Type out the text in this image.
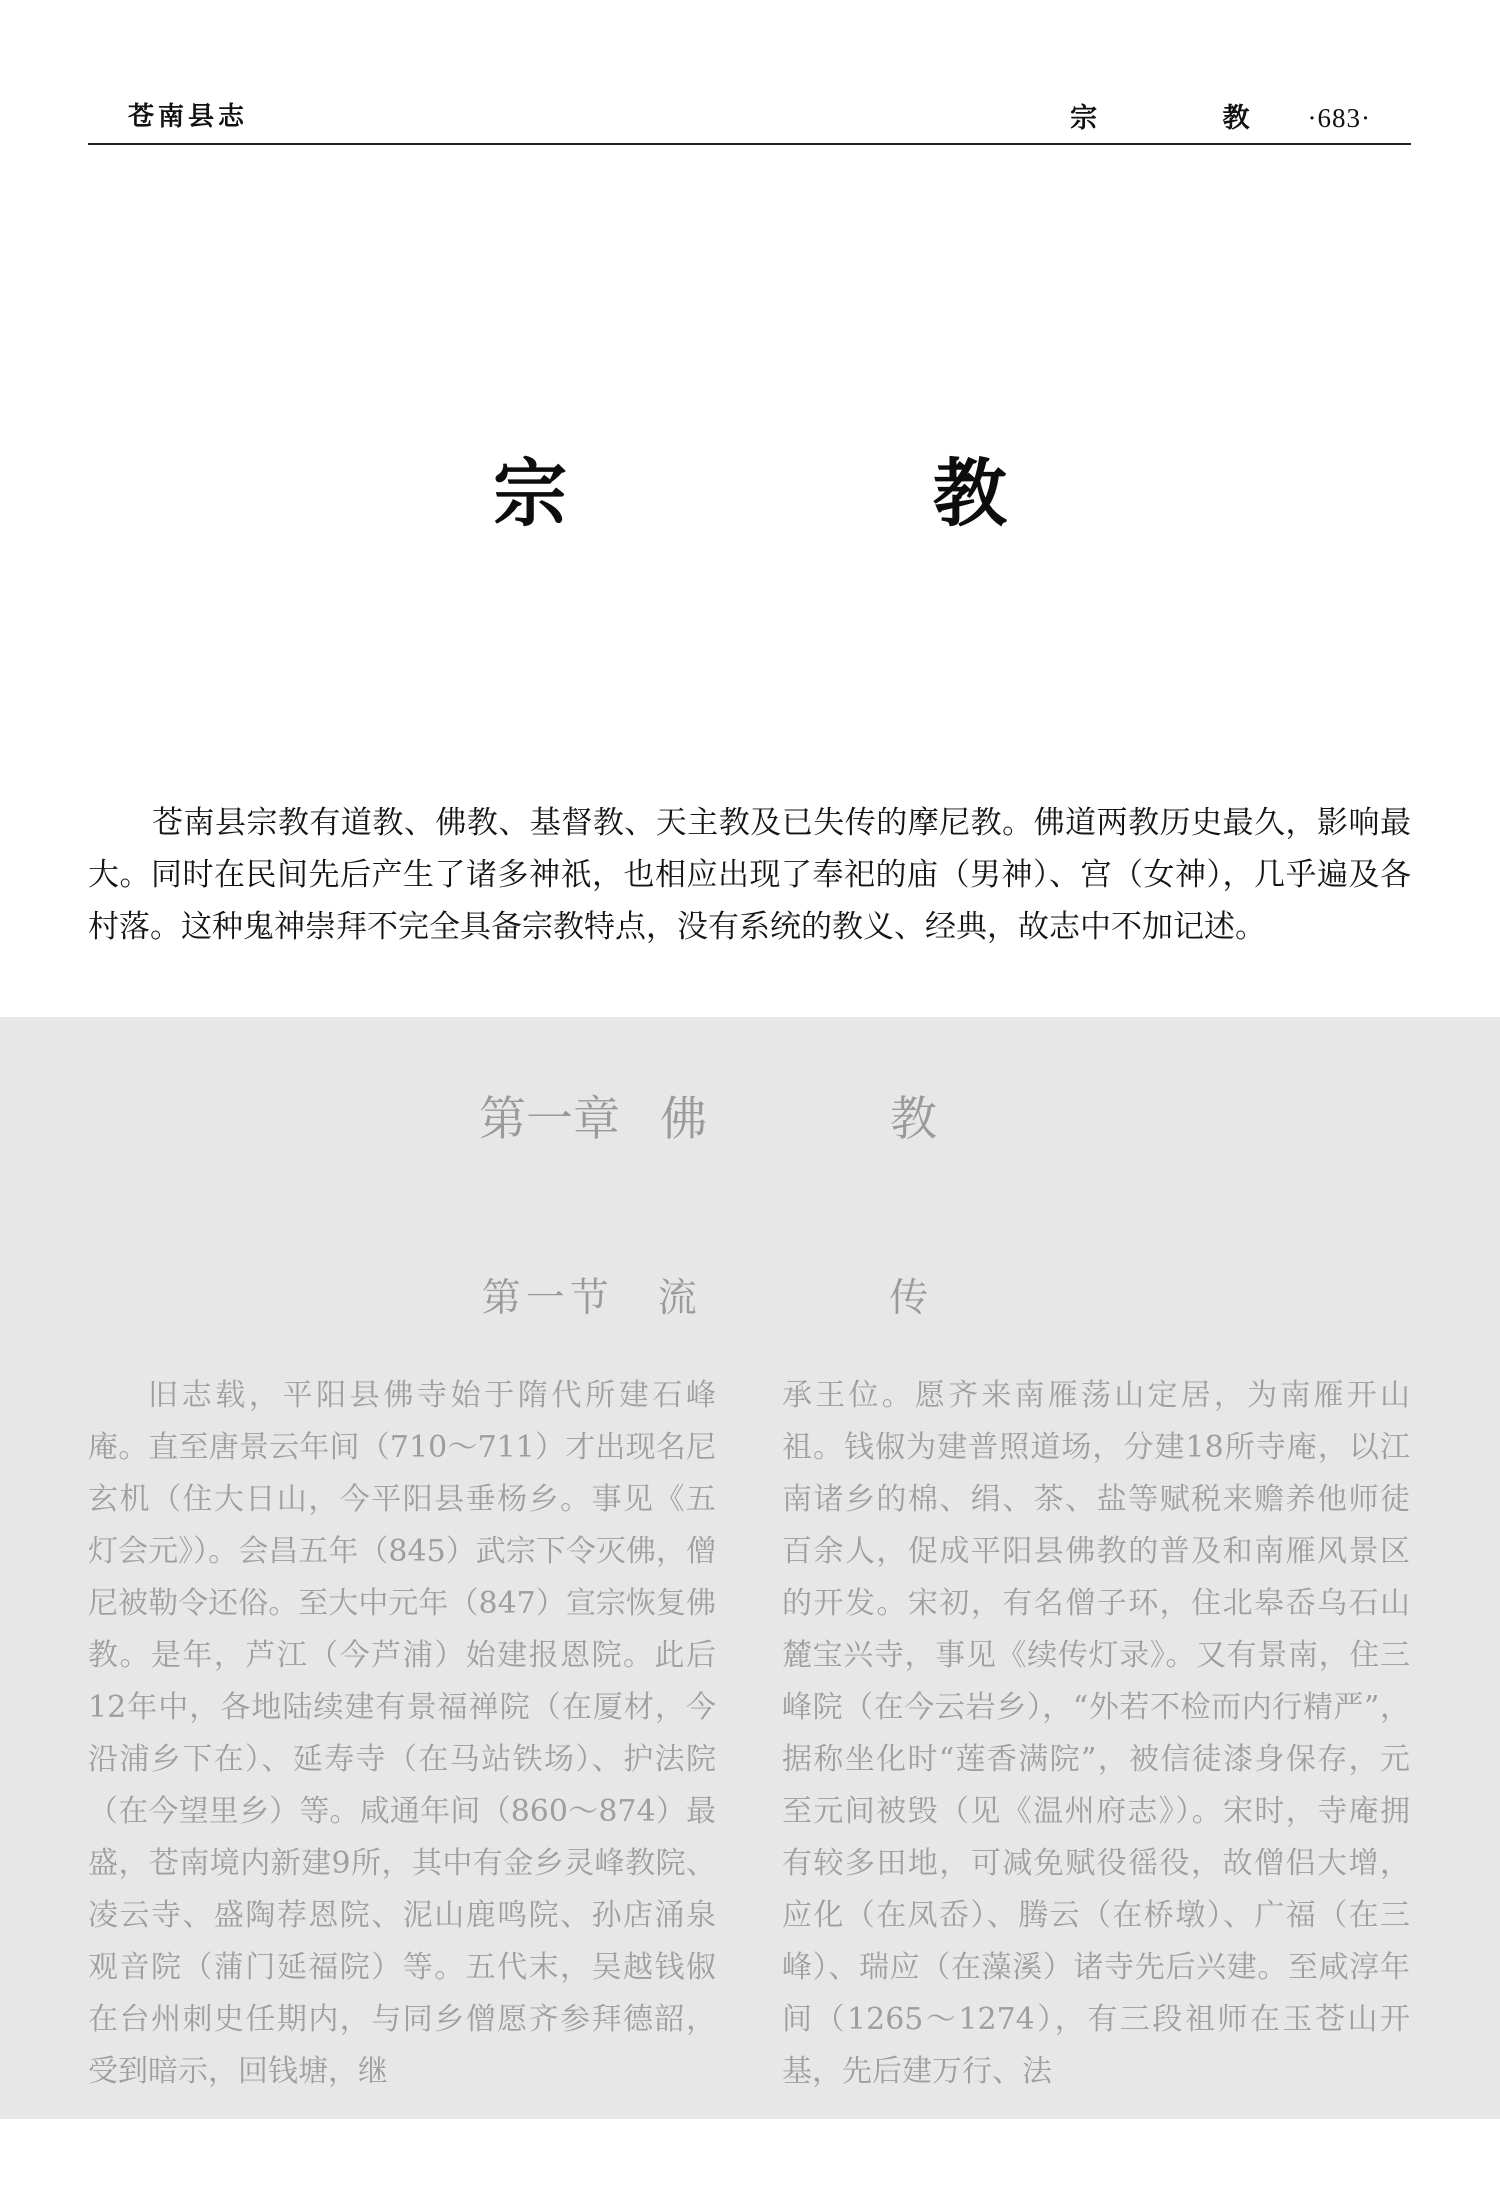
苍南县志	宗 教·683·
宗 教

苍南县宗教有道教、佛教、基督教、天主教及已失传的摩尼教。佛道两教历史最久，影响最大。同时在民间先后产生了诸多神祇，也相应出现了奉祀的庙（男神）、宫（女神），几乎遍及各村落。这种鬼神崇拜不完全具备宗教特点，没有系统的教义、经典，故志中不加记述。

第一章 佛 教
第一节 流 传

旧志载，平阳县佛寺始于隋代所建石峰庵。直至唐景云年间（710～711）才出现名尼玄机（住大日山，今平阳县垂杨乡。事见《五灯会元》）。会昌五年（845）武宗下令灭佛，僧尼被勒令还俗。至大中元年（847）宣宗恢复佛教。是年，芦江（今芦浦）始建报恩院。此后12年中，各地陆续建有景福禅院（在厦材，今沿浦乡下在）、延寿寺（在马站铁场）、护法院（在今望里乡）等。咸通年间（860～874）最盛，苍南境内新建9所，其中有金乡灵峰教院、凌云寺、盛陶荐恩院、泥山鹿鸣院、孙店涌泉观音院（蒲门延福院）等。五代末，吴越钱俶在台州刺史任期内，与同乡僧愿齐参拜德韶，受到暗示，回钱塘，继

承王位。愿齐来南雁荡山定居，为南雁开山祖。钱俶为建普照道场，分建18所寺庵，以江南诸乡的棉、绢、茶、盐等赋税来赡养他师徒百余人，促成平阳县佛教的普及和南雁风景区的开发。宋初，有名僧子环，住北皋岙乌石山麓宝兴寺，事见《续传灯录》。又有景南，住三峰院（在今云岩乡），“外若不检而内行精严”，据称坐化时“莲香满院”，被信徒漆身保存，元至元间被毁（见《温州府志》）。宋时，寺庵拥有较多田地，可减免赋役徭役，故僧侣大增，应化（在凤岙）、腾云（在桥墩）、广福（在三峰）、瑞应（在藻溪）诸寺先后兴建。至咸淳年间（1265～1274），有三段祖师在玉苍山开基，先后建万行、法
